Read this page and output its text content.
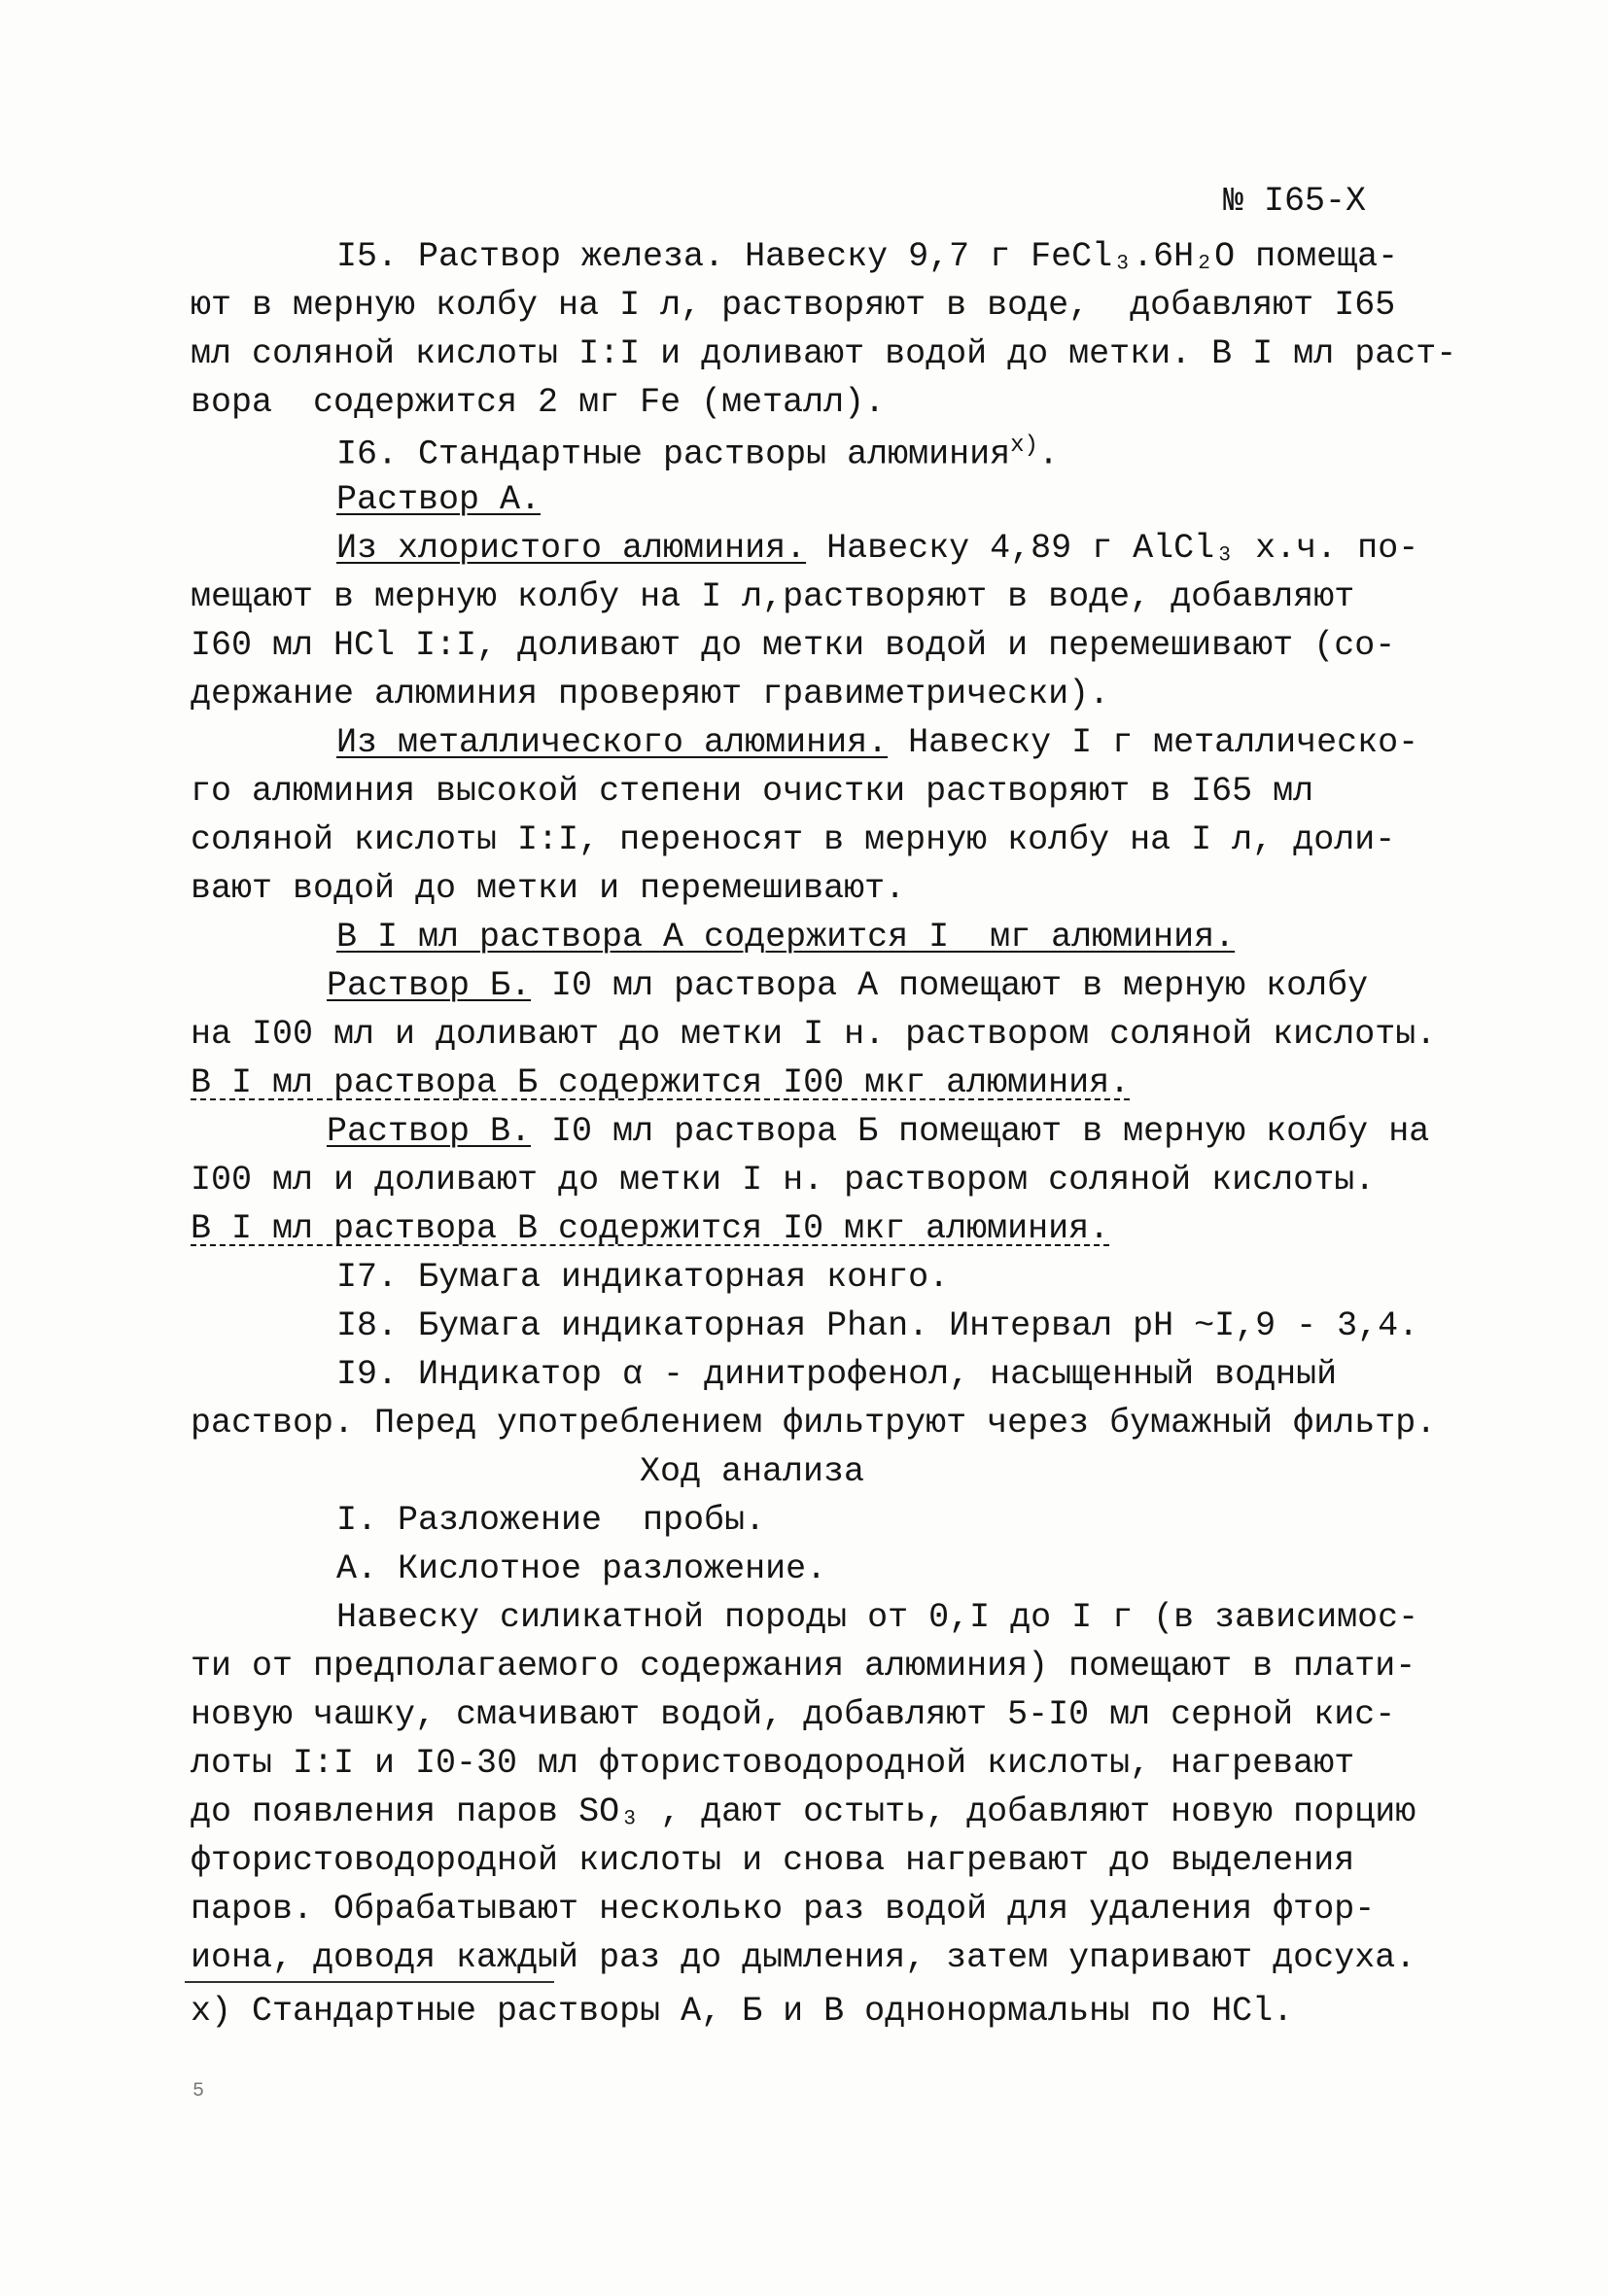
№ I65-X
I5. Раствор железа. Навеску 9,7 г FeCl₃.6H₂O помеща-
ют в мерную колбу на I л, растворяют в воде,  добавляют I65
мл соляной кислоты I:I и доливают водой до метки. В I мл раст-
вора  содержится 2 мг Fe (металл).
I6. Стандартные растворы алюминия$^{x)}$.
Раствор А.
Из хлористого алюминия. Навеску 4,89 г AlCl₃ х.ч. по-
мещают в мерную колбу на I л,растворяют в воде, добавляют
I60 мл HCl I:I, доливают до метки водой и перемешивают (со-
держание алюминия проверяют гравиметрически).
Из металлического алюминия. Навеску I г металлическо-
го алюминия высокой степени очистки растворяют в I65 мл
соляной кислоты I:I, переносят в мерную колбу на I л, доли-
вают водой до метки и перемешивают.
В I мл раствора А содержится I  мг алюминия.
Раствор Б. I0 мл раствора А помещают в мерную колбу
на I00 мл и доливают до метки I н. раствором соляной кислоты.
В I мл раствора Б содержится I00 мкг алюминия.
Раствор В. I0 мл раствора Б помещают в мерную колбу на
I00 мл и доливают до метки I н. раствором соляной кислоты.
В I мл раствора В содержится I0 мкг алюминия.
I7. Бумага индикаторная конго.
I8. Бумага индикаторная Phan. Интервал pH ~I,9 - 3,4.
I9. Индикатор α - динитрофенол, насыщенный водный
раствор. Перед употреблением фильтруют через бумажный фильтр.
Ход анализа
I. Разложение  пробы.
А. Кислотное разложение.
Навеску силикатной породы от 0,I до I г (в зависимос-
ти от предполагаемого содержания алюминия) помещают в плати-
новую чашку, смачивают водой, добавляют 5-I0 мл серной кис-
лоты I:I и I0-30 мл фтористоводородной кислоты, нагревают
до появления паров SO₃ , дают остыть, добавляют новую порцию
фтористоводородной кислоты и снова нагревают до выделения
паров. Обрабатывают несколько раз водой для удаления фтор-
иона, доводя каждый раз до дымления, затем упаривают досуха.
x) Стандартные растворы А, Б и В однонормальны по HCl.
5
